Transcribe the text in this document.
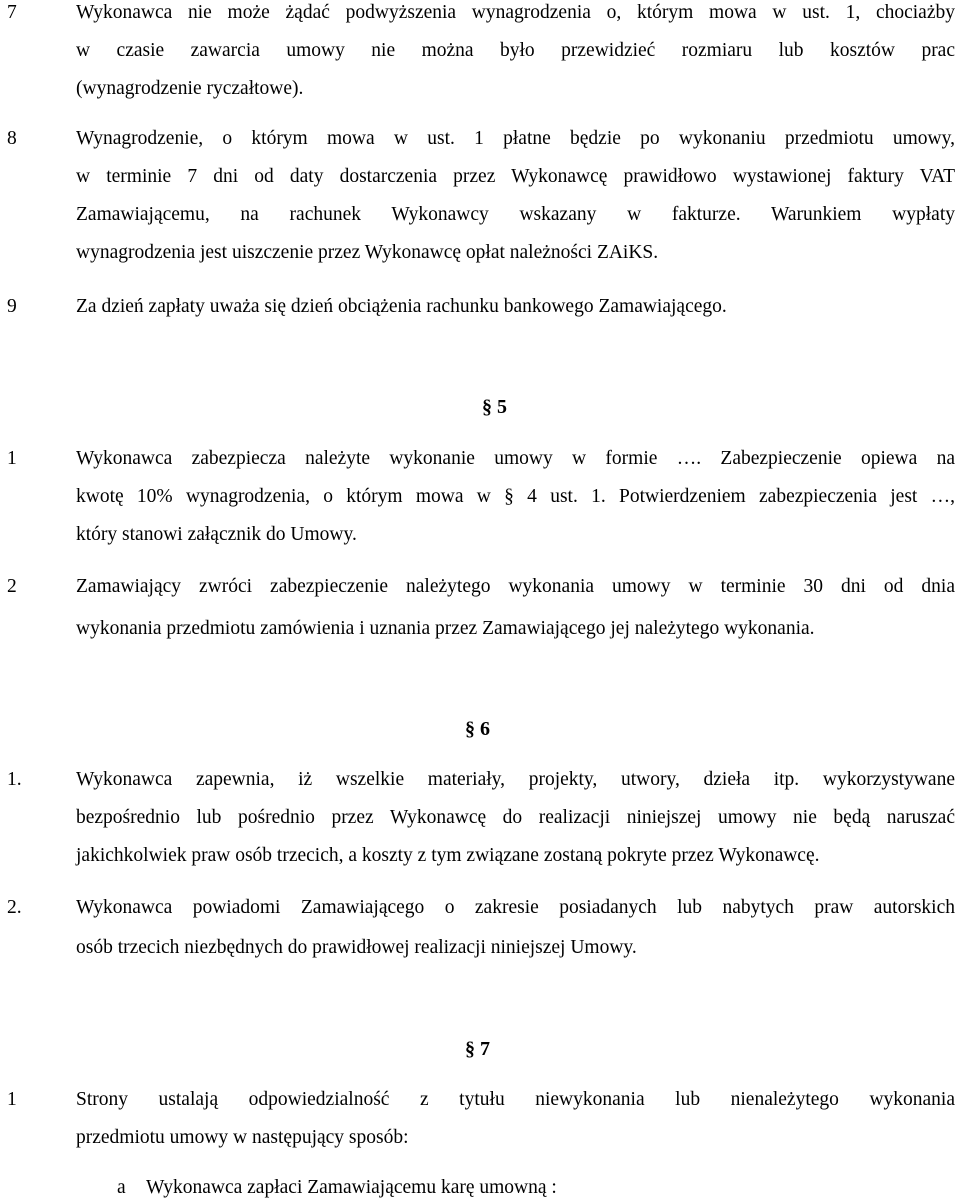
7	Wykonawca nie może żądać podwyższenia wynagrodzenia o, którym mowa w ust. 1, chociażby
w czasie zawarcia umowy nie można było przewidzieć rozmiaru lub kosztów prac
(wynagrodzenie ryczałtowe).
8	Wynagrodzenie, o którym mowa w ust. 1 płatne będzie po wykonaniu przedmiotu umowy,
w terminie 7 dni od daty dostarczenia przez Wykonawcę prawidłowo wystawionej faktury VAT
Zamawiającemu, na rachunek Wykonawcy wskazany w fakturze. Warunkiem wypłaty
wynagrodzenia jest uiszczenie przez Wykonawcę opłat należności ZAiKS.
9	Za dzień zapłaty uważa się dzień obciążenia rachunku bankowego Zamawiającego.
§ 5
1	Wykonawca zabezpiecza należyte wykonanie umowy w formie …. Zabezpieczenie opiewa na
kwotę 10% wynagrodzenia, o którym mowa w § 4 ust. 1. Potwierdzeniem zabezpieczenia jest …,
który stanowi załącznik do Umowy.
2	Zamawiający zwróci zabezpieczenie należytego wykonania umowy w terminie 30 dni od dnia
wykonania przedmiotu zamówienia i uznania przez Zamawiającego jej należytego wykonania.
§ 6
1.	Wykonawca zapewnia, iż wszelkie materiały, projekty, utwory, dzieła itp. wykorzystywane
bezpośrednio lub pośrednio przez Wykonawcę do realizacji niniejszej umowy nie będą naruszać
jakichkolwiek praw osób trzecich, a koszty z tym związane zostaną pokryte przez Wykonawcę.
2.	Wykonawca powiadomi Zamawiającego o zakresie posiadanych lub nabytych praw autorskich
osób trzecich niezbędnych do prawidłowej realizacji niniejszej Umowy.
§ 7
1	Strony ustalają odpowiedzialność z tytułu niewykonania lub nienależytego wykonania
przedmiotu umowy w następujący sposób:
a Wykonawca zapłaci Zamawiającemu karę umowną :
